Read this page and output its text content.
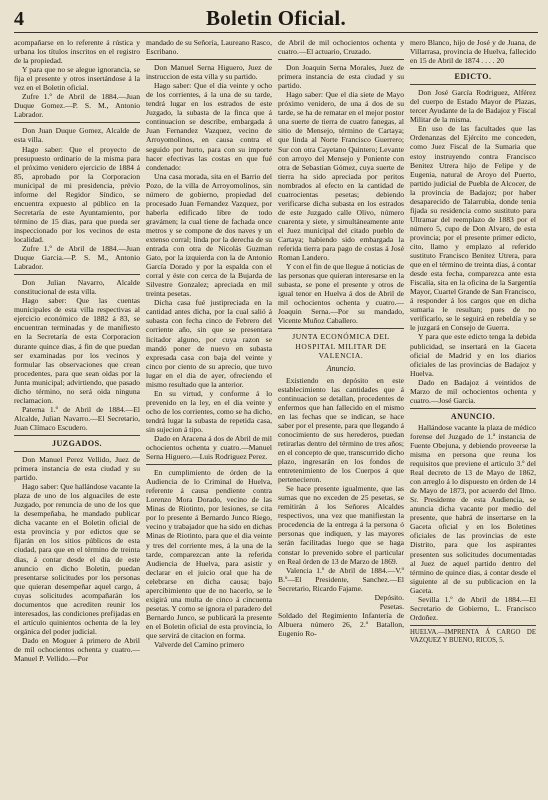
4	Boletin Oficial.

acompañarse en lo referente á rústica y urbana los títulos inscritos en el registro de la propiedad.

Y para que no se alegue ignorancia, se fija el presente y otros insertándose á la vez en el Boletin oficial.

Zufre 1.º de Abril de 1884.—Juan Duque Gomez.—P. S. M., Antonio Labrador.

Don Juan Duque Gomez, Alcalde de esta villa.

Hago saber: Que el proyecto de presupuesto ordinario de la misma para el próximo venidero ejercicio de 1884 á 85, aprobado por la Corporacion municipal de mi presidencia, prévio informe del Regidor Síndico, se encuentra expuesto al público en la Secretaría de este Ayuntamiento, por término de 15 dias, para que pueda ser inspeccionado por los vecinos de esta localidad.

Zufre 1.º de Abril de 1884.—Juan Duque Garcia.—P. S. M., Antonio Labrador.

Don Julian Navarro, Alcalde constitucional de esta villa.

Hago saber: Que las cuentas municipales de esta villa respectivas al ejercicio económico de 1882 á 83, se encuentran terminadas y de manifiesto en la Secretaría de esta Corporacion durante quince dias, á fin de que puedan ser examinadas por los vecinos y formular las observaciones que crean procedentes, para que sean oidas por la Junta municipal; advirtiendo, que pasado dicho término, no será oida ninguna reclamacion.

Paterna 1.º de Abril de 1884.—El Alcalde, Julian Navarro.—El Secretario, Juan Clímaco Escudero.

JUZGADOS.

Don Manuel Perez Vellido, Juez de primera instancia de esta ciudad y su partido.

Hago saber: Que hallándose vacante la plaza de uno de los alguaciles de este Juzgado, por renuncia de uno de los que la desempeñaba, he mandado publicar dicha vacante en el Boletin oficial de esta provincia y por edictos que se fijarán en los sitios públicos de esta ciudad, para que en el término de treinta dias, á contar desde el dia de este anuncio en dicho Boletin, puedan presentarse solicitudes por los personas que quieran desempeñar aquel cargo, á cuyas solicitudes acompañarán los documentos que acrediten reunir los interesados, las condiciones prefijadas en el artículo quinientos ochenta de la ley orgánica del poder judicial.

Dado en Moguer á primero de Abril de mil ochocientos ochenta y cuatro.—Manuel P. Vellido.—Por

mandado de su Señoría, Laureano Rasco, Escribano.

Don Manuel Serna Higuero, Juez de instruccion de esta villa y su partido.

Hago saber: Que el dia veinte y ocho de los corrientes, á la una de su tarde, tendrá lugar en los estrados de este Juzgado, la subasta de la finca que á continuacion se describe, embargada á Juan Fernandez Vazquez, vecino de Arroyomolinos, en causa contra el seguido por hurto, para con su importe hacer efectivas las costas en que fué condenado:

Una casa morada, sita en el Barrio del Pozo, de la villa de Arroyomolinos, sin número de gobierno, propiedad del procesado Juan Fernandez Vazquez, por haberla edificado libre de todo gravámen; la cual tiene de fachada once metros y se compone de dos naves y un extenso corral; linda por la derecha de su entrada con otra de Nicolás Guzman Gato, por la izquierda con la de Antonio García Dorado y por la espalda con el corral y éste con cerca de la Bujarda de Silvestre Gonzalez; apreciada en mil treinta pesetas.

Dicha casa fué justipreciada en la cantidad antes dicha, por la cual salió á subasta con fecha cinco de Febrero del corriente año, sin que se presentara licitador alguno, por cuya razon se mandó poner de nuevo en subasta expresada casa con baja del veinte y cinco por ciento de su aprecio, que tuvo lugar en el dia de ayer, ofreciendo el mismo resultado que la anterior.

En su virtud, y conforme á lo prevenido en la ley, en el dia veinte y ocho de los corrientes, como se ha dicho, tendrá lugar la subasta de repetida casa, sin sujecion á tipo.

Dado en Aracena á dos de Abril de mil ochocientos ochenta y cuatro.—Manuel Serna Higuero.—Luis Rodriguez Perez.

En cumplimiento de órden de la Audiencia de lo Criminal de Huelva, referente á causa pendiente contra Lorenzo Mora Dorado, vecino de las Minas de Riotinto, por lesiones, se cita por lo presente á Bernardo Junco Riego, vecino y trabajador que ha sido en dichas Minas de Riotinto, para que el dia veinte y tres del corriente mes, á la una de la tarde, comparezcan ante la referida Audiencia de Huelva, para asistir y declarar en el juicio oral que ha de celebrarse en dicha causa; bajo apercibimiento que de no hacerlo, se le exigirá una multa de cinco á cincuenta pesetas. Y como se ignora el paradero del Bernardo Junco, se publicará la presente en el Boletin oficial de esta provincia, lo que servirá de citacion en forma.

Valverde del Camino primero

de Abril de mil ochocientos ochenta y cuatro.—El actuario, Cruzado.

Don Joaquin Serna Morales, Juez de primera instancia de esta ciudad y su partido.

Hago saber: Que el dia siete de Mayo próximo venidero, de una á dos de su tarde, se ha de rematar en el mejor postor una suerte de tierra de cuatro fanegas, al sitio de Mensejo, término de Cartaya; que linda al Norte Francisco Guerrero; Sur con otra Cayetano Quintero; Levante con arroyo del Mensejo y Poniente con otra de Sebastian Gómez, cuya suerte de tierra ha sido apreciada por peritos nombrados al efecto en la cantidad de cuatrocientas pesetas; debiendo verificarse dicha subasta en los estrados de este Juzgado calle Olivo, número cuarenta y siete, y simultáneamente ante el Juez municipal del citado pueblo de Cartaya; habiendo sido embargada la referida tierra para pago de costas á José Roman Landero.

Y con el fin de que llegue á noticias de las personas que quieran interesarse en la subasta, se pone el presente y otros de igual tenor en Huelva á dos de Abril de mil ochocientos ochenta y cuatro.—Joaquin Serna.—Por su mandado, Vicente Muñoz Caballero.

JUNTA ECONÓMICA DEL HOSPITAL MILITAR DE VALENCIA.
Anuncio.

Existiendo en depósito en este establecimiento las cantidades que á continuacion se detallan, procedentes de enfermos que han fallecido en el mismo en las fechas que se indican, se hace saber por el presente, para que llegando á conocimiento de sus herederos, puedan retirarlas dentro del término de tres años; en el concepto de que, transcurrido dicho plazo, ingresarán en los fondos de entretenimiento de los Cuerpos á que pertenecieron.

Se hace presente igualmente, que las sumas que no exceden de 25 pesetas, se remitirán á los Señores Alcaldes respectivos, una vez que manifiestan la procedencia de la entrega á la persona ó personas que indiquen, y las mayores serán facilitadas luego que se haga constar lo prevenido sobre el particular en Real órden de 13 de Marzo de 1869.

Valencia 1.º de Abril de 1884.—V.º B.º—El Presidente, Sanchez.—El Secretario, Ricardo Fajame.

Depósito.

Pesetas.

Soldado del Regimiento Infantería de Albuera número 26, 2.º Batallon, Eugenio Ro-

mero Blanco, hijo de José y de Juana, de Villarrasa, provincia de Huelva, fallecido en 15 de Abril de 1874 . . . . 20

EDICTO.

Don José García Rodriguez, Alférez del cuerpo de Estado Mayor de Plazas, tercer Ayudante de la de Badajoz y Fiscal Militar de la misma.

En uso de las facultades que las Ordenanzas del Ejército me conceden, como Juez Fiscal de la Sumaria que estoy instruyendo contra Francisco Benitez Utrera hijo de Felipe y de Eugenia, natural de Aroyo del Puerto, partido judicial de Puebla de Alcocer, de la provincia de Badajoz; por haber desaparecido de Talarrubia, donde tenia fijada su residencia como sustituto para Ultramar del reemplazo de 1883 por el número 5, cupo de Don Alvaro, de esta provincia; por el presente primer edicto, cito, llamo y emplazo al referido sustituto Francisco Benitez Utrera, para que en el término de treinta dias, á contar desde esta fecha, comparezca ante esta Fiscalía, sita en la oficina de la Sargentía Mayor, Cuartel Grande de San Francisco, á responder á los cargos que en dicha sumaria le resultan; pues de no verificarlo, se le seguirá en rebeldía y se le juzgará en Consejo de Guerra.

Y para que este edicto tenga la debida publicidad, se insertará en la Gaceta oficial de Madrid y en los diarios oficiales de las provincias de Badajoz y Huelva.

Dado en Badajoz á veintidos de Marzo de mil ochocientos ochenta y cuatro.—José García.

ANUNCIO.

Hallándose vacante la plaza de médico forense del Juzgado de 1.ª instancia de Fuente Obejuna, y debiendo proveerse la misma en persona que reuna los requisitos que previene el artículo 3.º del Real decreto de 13 de Mayo de 1862, con arreglo á lo dispuesto en órden de 14 de Mayo de 1873, por acuerdo del Ilmo. Sr. Presidente de esta Audiencia, se anuncia dicha vacante por medio del presente, que habrá de insertarse en la Gaceta oficial y en los Boletines oficiales de las provincias de este Distrito, para que los aspirantes presenten sus solicitudes documentadas al Juez de aquel partido dentro del término de quince dias, á contar desde el siguiente al de su publicacion en la Gaceta.

Sevilla 1.º de Abril de 1884.—El Secretario de Gobierno, L. Francisco Ordoñez.

HUELVA.—IMPRENTA Á CARGO DE VAZQUEZ Y BUENO, RICOS, 5.
